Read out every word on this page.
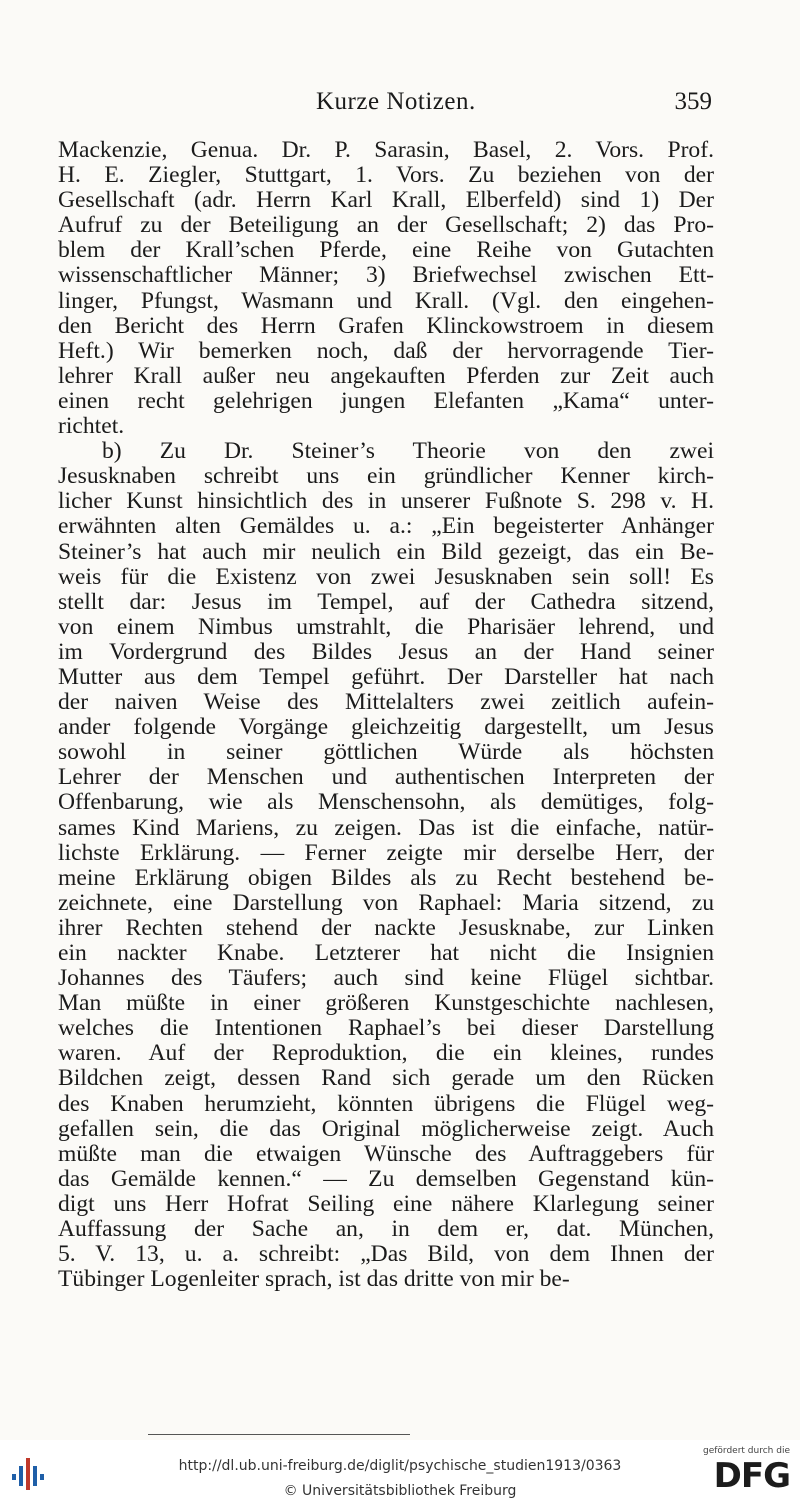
Kurze Notizen.	359
Mackenzie, Genua. Dr. P. Sarasin, Basel, 2. Vors. Prof.
H. E. Ziegler, Stuttgart, 1. Vors. Zu beziehen von der
Gesellschaft (adr. Herrn Karl Krall, Elberfeld) sind 1) Der
Aufruf zu der Beteiligung an der Gesellschaft; 2) das Pro-
blem der Krall’schen Pferde, eine Reihe von Gutachten
wissenschaftlicher Männer; 3) Briefwechsel zwischen Ett-
linger, Pfungst, Wasmann und Krall. (Vgl. den eingehen-
den Bericht des Herrn Grafen Klinckowstroem in diesem
Heft.) Wir bemerken noch, daß der hervorragende Tier-
lehrer Krall außer neu angekauften Pferden zur Zeit auch
einen recht gelehrigen jungen Elefanten „Kama“ unter-
richtet.
b) Zu Dr. Steiner’s Theorie von den zwei
Jesusknaben schreibt uns ein gründlicher Kenner kirch-
licher Kunst hinsichtlich des in unserer Fußnote S. 298 v. H.
erwähnten alten Gemäldes u. a.: „Ein begeisterter Anhänger
Steiner’s hat auch mir neulich ein Bild gezeigt, das ein Be-
weis für die Existenz von zwei Jesusknaben sein soll! Es
stellt dar: Jesus im Tempel, auf der Cathedra sitzend,
von einem Nimbus umstrahlt, die Pharisäer lehrend, und
im Vordergrund des Bildes Jesus an der Hand seiner
Mutter aus dem Tempel geführt. Der Darsteller hat nach
der naiven Weise des Mittelalters zwei zeitlich aufein-
ander folgende Vorgänge gleichzeitig dargestellt, um Jesus
sowohl in seiner göttlichen Würde als höchsten
Lehrer der Menschen und authentischen Interpreten der
Offenbarung, wie als Menschensohn, als demütiges, folg-
sames Kind Mariens, zu zeigen. Das ist die einfache, natür-
lichste Erklärung. — Ferner zeigte mir derselbe Herr, der
meine Erklärung obigen Bildes als zu Recht bestehend be-
zeichnete, eine Darstellung von Raphael: Maria sitzend, zu
ihrer Rechten stehend der nackte Jesusknabe, zur Linken
ein nackter Knabe. Letzterer hat nicht die Insignien
Johannes des Täufers; auch sind keine Flügel sichtbar.
Man müßte in einer größeren Kunstgeschichte nachlesen,
welches die Intentionen Raphael’s bei dieser Darstellung
waren. Auf der Reproduktion, die ein kleines, rundes
Bildchen zeigt, dessen Rand sich gerade um den Rücken
des Knaben herumzieht, könnten übrigens die Flügel weg-
gefallen sein, die das Original möglicherweise zeigt. Auch
müßte man die etwaigen Wünsche des Auftraggebers für
das Gemälde kennen.“ — Zu demselben Gegenstand kün-
digt uns Herr Hofrat Seiling eine nähere Klarlegung seiner
Auffassung der Sache an, in dem er, dat. München,
5. V. 13, u. a. schreibt: „Das Bild, von dem Ihnen der
Tübinger Logenleiter sprach, ist das dritte von mir be-
http://dl.ub.uni-freiburg.de/diglit/psychische_studien1913/0363
© Universitätsbibliothek Freiburg
gefördert durch die
DFG
